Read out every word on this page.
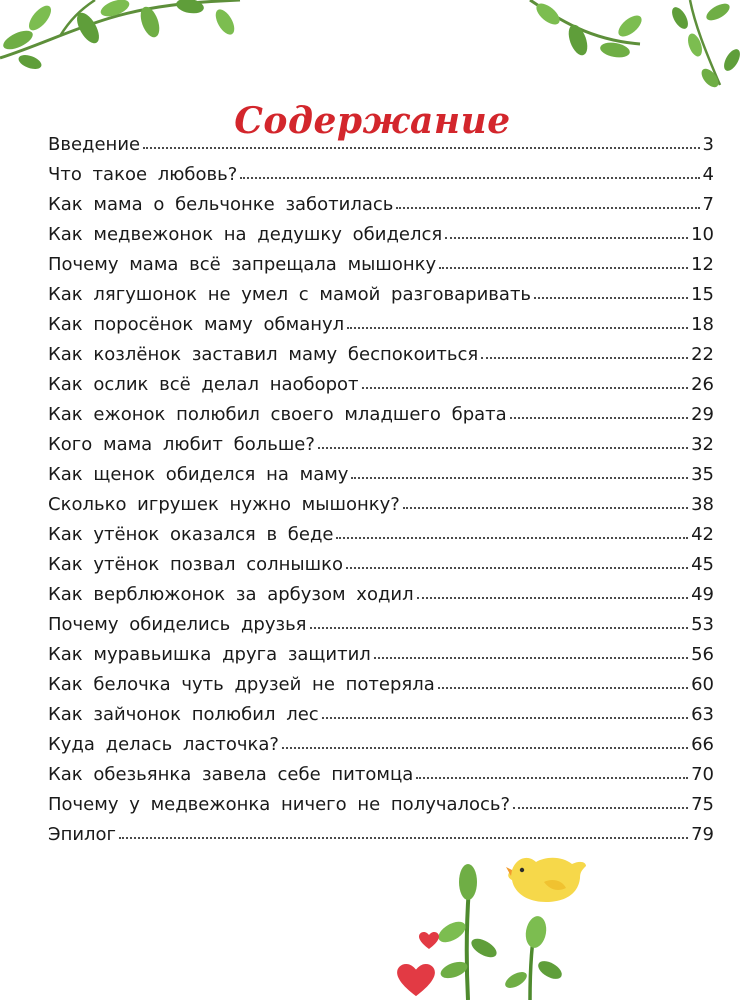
Содержание
Введение	3
Что такое любовь?	4
Как мама о бельчонке заботилась	7
Как медвежонок на дедушку обиделся	10
Почему мама всё запрещала мышонку	12
Как лягушонок не умел с мамой разговаривать	15
Как поросёнок маму обманул	18
Как козлёнок заставил маму беспокоиться	22
Как ослик всё делал наоборот	26
Как ежонок полюбил своего младшего брата	29
Кого мама любит больше?	32
Как щенок обиделся на маму	35
Сколько игрушек нужно мышонку?	38
Как утёнок оказался в беде	42
Как утёнок позвал солнышко	45
Как верблюжонок за арбузом ходил	49
Почему обиделись друзья	53
Как муравьишка друга защитил	56
Как белочка чуть друзей не потеряла	60
Как зайчонок полюбил лес	63
Куда делась ласточка?	66
Как обезьянка завела себе питомца	70
Почему у медвежонка ничего не получалось?	75
Эпилог	79
